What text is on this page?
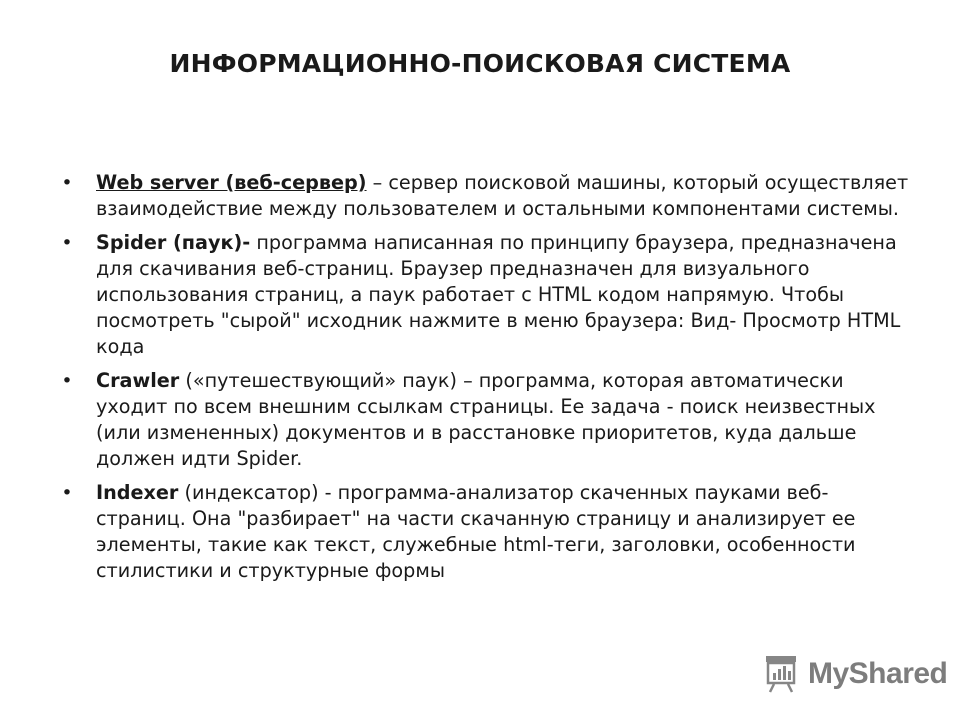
ИНФОРМАЦИОННО-ПОИСКОВАЯ СИСТЕМА
• Web server (веб-сервер) – сервер поисковой машины, который осуществляет взаимодействие между пользователем и остальными компонентами системы.
• Spider (паук)- программа написанная по принципу браузера, предназначена для скачивания веб-страниц. Браузер предназначен для визуального использования страниц, а паук работает с HTML кодом напрямую. Чтобы посмотреть "сырой" исходник нажмите в меню браузера: Вид- Просмотр HTML кода
• Crawler («путешествующий» паук) – программа, которая автоматически уходит по всем внешним ссылкам страницы. Ее задача - поиск неизвестных (или измененных) документов и в расстановке приоритетов, куда дальше должен идти Spider.
• Indexer (индексатор) - программа-анализатор скаченных пауками веб-страниц. Она "разбирает" на части скачанную страницу и анализирует ее элементы, такие как текст, служебные html-теги, заголовки, особенности стилистики и структурные формы
MyShared
